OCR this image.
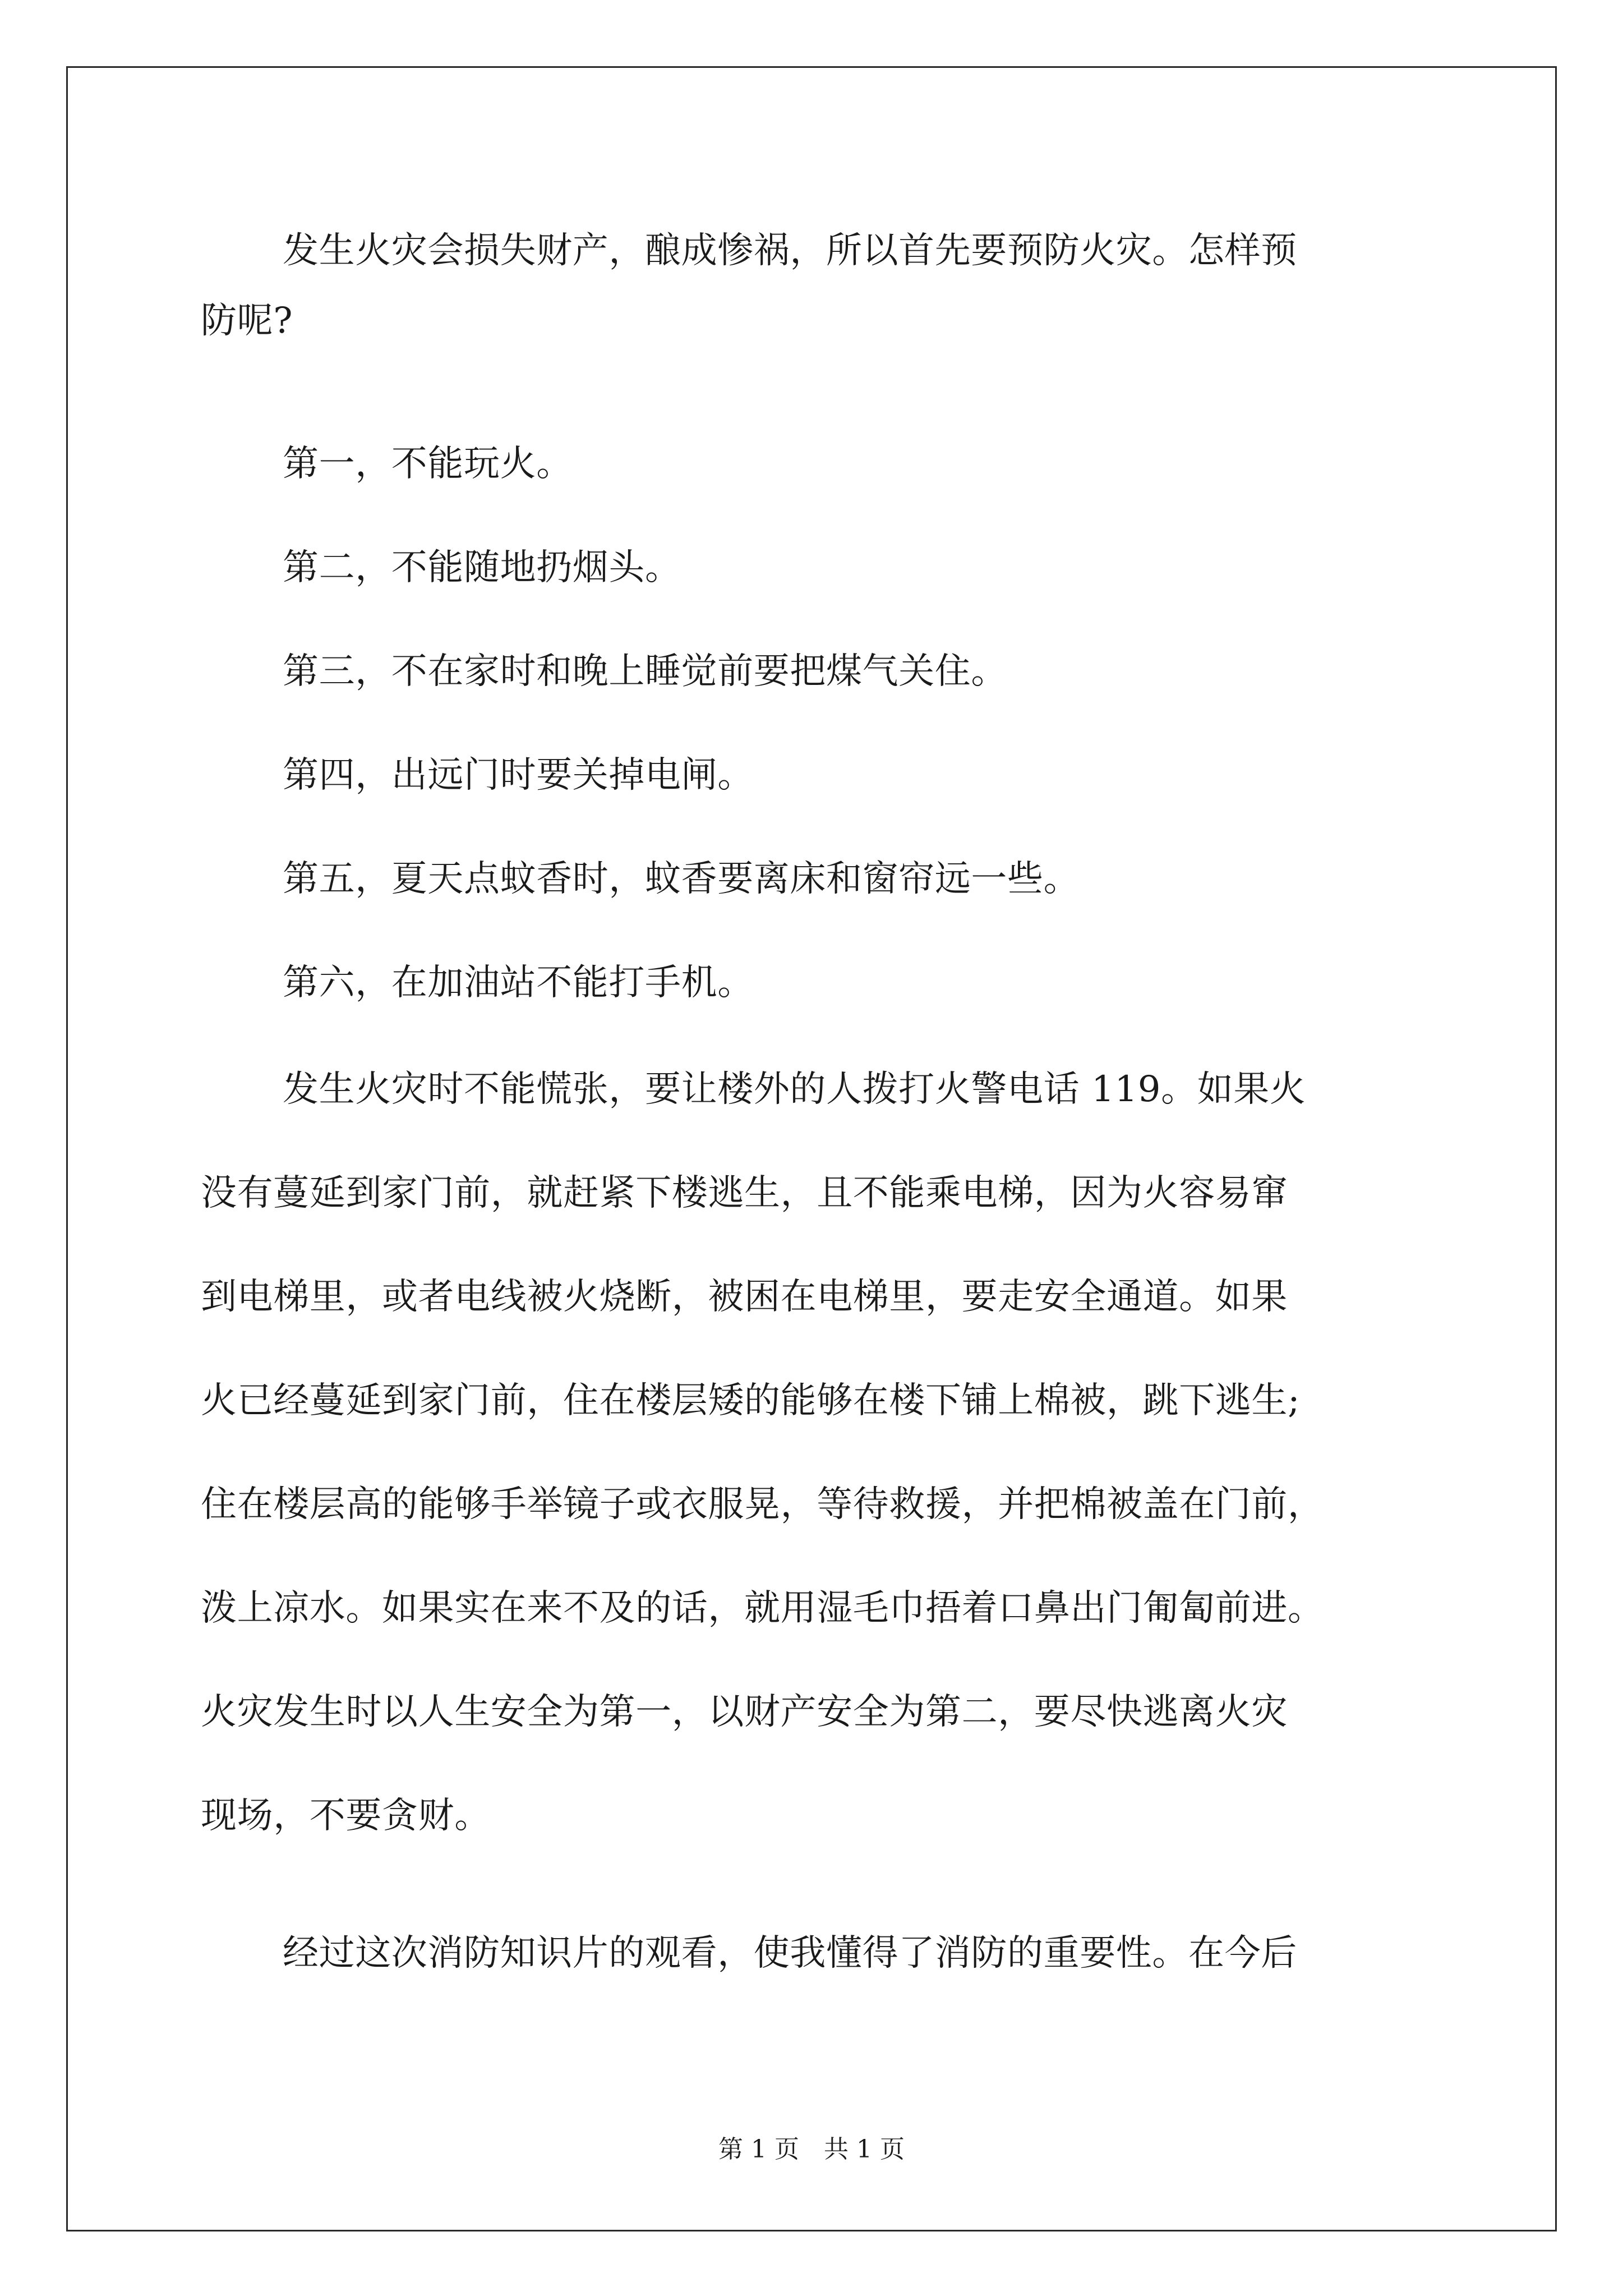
发生火灾会损失财产，酿成惨祸，所以首先要预防火灾。怎样预
防呢?
第一，不能玩火。
第二，不能随地扔烟头。
第三，不在家时和晚上睡觉前要把煤气关住。
第四，出远门时要关掉电闸。
第五，夏天点蚊香时，蚊香要离床和窗帘远一些。
第六，在加油站不能打手机。
发生火灾时不能慌张，要让楼外的人拨打火警电话 119。如果火
没有蔓延到家门前，就赶紧下楼逃生，且不能乘电梯，因为火容易窜
到电梯里，或者电线被火烧断，被困在电梯里，要走安全通道。如果
火已经蔓延到家门前，住在楼层矮的能够在楼下铺上棉被，跳下逃生;
住在楼层高的能够手举镜子或衣服晃，等待救援，并把棉被盖在门前，
泼上凉水。如果实在来不及的话，就用湿毛巾捂着口鼻出门匍匐前进。
火灾发生时以人生安全为第一，以财产安全为第二，要尽快逃离火灾
现场，不要贪财。
经过这次消防知识片的观看，使我懂得了消防的重要性。在今后
第 1 页　共 1 页
